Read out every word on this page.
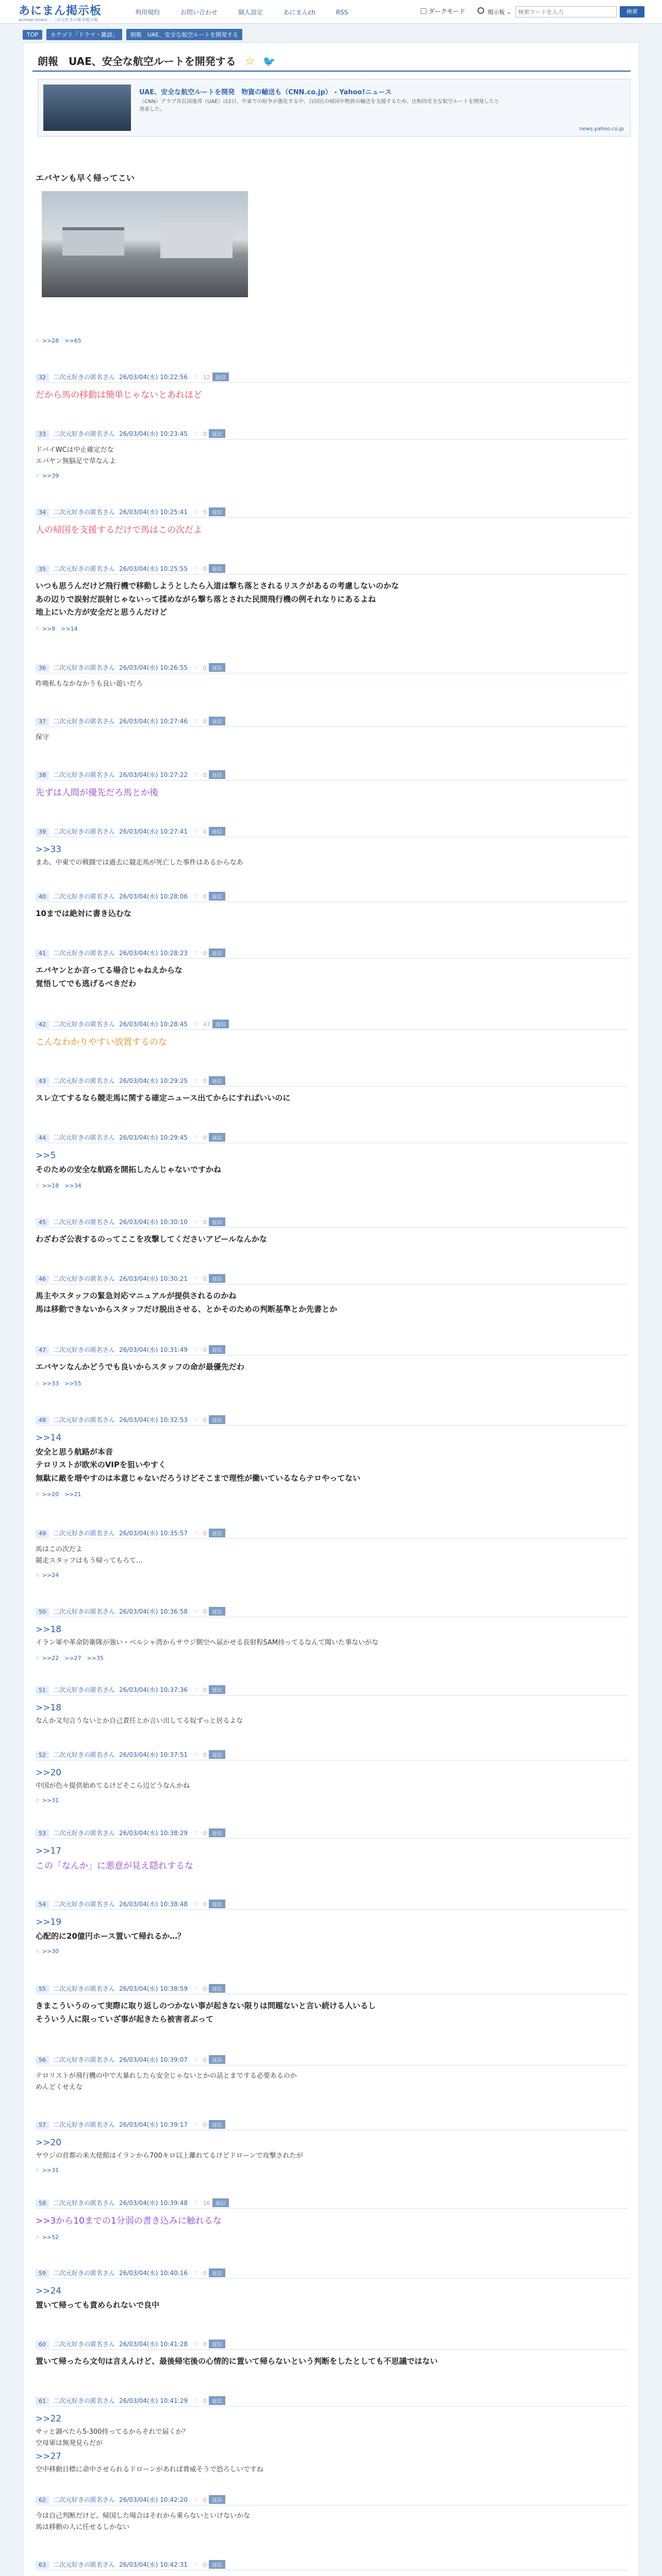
あにまん掲示板
animan board :: 二次元好きの匿名掲示板
利用規約	お問い合わせ	個人設定	あにまんch	RSS	ダークモード	掲示板 ⌄
検索ワードを入力	検索
TOP カテゴリ「ドラマ・雑談」 朗報　UAE、安全な航空ルートを開発する
朗報　UAE、安全な航空ルートを開発する ☆ 🐦
UAE、安全な航空ルートを開発　物資の輸送も（CNN.co.jp） - Yahoo!ニュース
（CNN）アラブ首長国連邦（UAE）は2日、中東での紛争が激化する中、自国民の帰国や物資の輸送を支援するため、比較的安全な航空ルートを開発したと発表した。
news.yahoo.co.jp
エバヤンも早く帰ってこい
☝ >>28　>>65
32 二次元好きの匿名さん 26/03/04(水) 10:22:56 ♡ 12 返信
だから馬の移動は簡単じゃないとあれほど
33 二次元好きの匿名さん 26/03/04(水) 10:23:45 ♡ 0 返信
ドバイWCは中止確定だな
エバヤン無脳足で草なんよ
☝ >>39
34 二次元好きの匿名さん 26/03/04(水) 10:25:41 ♡ 5 返信
人の帰国を支援するだけで馬はこの次だよ
35 二次元好きの匿名さん 26/03/04(水) 10:25:55 ♡ 0 返信
いつも思うんだけど飛行機で移動しようとしたら入道は撃ち落とされるリスクがあるの考慮しないのかな
あの辺りで誤射だ誤射じゃないって揉めながら撃ち落とされた民間飛行機の例それなりにあるよね
地上にいた方が安全だと思うんだけど
☝ >>9　>>14
36 二次元好きの匿名さん 26/03/04(水) 10:26:55 ♡ 0 返信
昨晩私もなかなかうも良い遊いだろ
37 二次元好きの匿名さん 26/03/04(水) 10:27:46 ♡ 0 返信
保守
38 二次元好きの匿名さん 26/03/04(水) 10:27:22 ♡ 0 返信
先ずは人間が優先だろ馬とか後
39 二次元好きの匿名さん 26/03/04(水) 10:27:41 ♡ 0 返信
>>33
まあ、中東での戦闘では過去に競走馬が死亡した事件はあるからなあ
40 二次元好きの匿名さん 26/03/04(水) 10:28:06 ♡ 0 返信
10までは絶対に書き込むな
41 二次元好きの匿名さん 26/03/04(水) 10:28:23 ♡ 0 返信
エバヤンとか言ってる場合じゃねえからな
覚悟してでも逃げるべきだわ
42 二次元好きの匿名さん 26/03/04(水) 10:28:45 ♡ 47 返信
こんなわかりやすい放置するのな
43 二次元好きの匿名さん 26/03/04(水) 10:29:25 ♡ 0 返信
スレ立てするなら競走馬に関する確定ニュース出てからにすればいいのに
44 二次元好きの匿名さん 26/03/04(水) 10:29:45 ♡ 0 返信
>>5
そのための安全な航路を開拓したんじゃないですかね
☝ >>18　>>34
45 二次元好きの匿名さん 26/03/04(水) 10:30:10 ♡ 0 返信
わざわざ公表するのってここを攻撃してくださいアピールなんかな
46 二次元好きの匿名さん 26/03/04(水) 10:30:21 ♡ 0 返信
馬主やスタッフの緊急対応マニュアルが提供されるのかね
馬は移動できないからスタッフだけ脱出させる、とかそのための判断基準とか先書とか
47 二次元好きの匿名さん 26/03/04(水) 10:31:49 ♡ 0 返信
エバヤンなんかどうでも良いからスタッフの命が最優先だわ
☝ >>33　>>55
48 二次元好きの匿名さん 26/03/04(水) 10:32:53 ♡ 0 返信
>>14
安全と思う航路が本音
テロリストが欧米のVIPを狙いやすく
無駄に敵を増やすのは本意じゃないだろうけどそこまで理性が働いているならテロやってない
☝ >>20　>>21
49 二次元好きの匿名さん 26/03/04(水) 10:35:57 ♡ 0 返信
馬はこの次だよ
競走スタッフはもう帰ってもろて…
☝ >>24
50 二次元好きの匿名さん 26/03/04(水) 10:36:58 ♡ 0 返信
>>18
イラン軍や革命防衛隊が強い・ベルシャ湾からサウジ側空へ届かせる長射程SAM持ってるなんて聞いた事ないがな
☝ >>22　>>27　>>35
51 二次元好きの匿名さん 26/03/04(水) 10:37:36 ♡ 0 返信
>>18
なんか文句言うないとか自己責任とか言い出してる奴ずっと居るよな
52 二次元好きの匿名さん 26/03/04(水) 10:37:51 ♡ 0 返信
>>20
中国が色々提供始めてるけどそこら辺どうなんかね
☝ >>31
53 二次元好きの匿名さん 26/03/04(水) 10:38:29 ♡ 0 返信
>>17
この「なんか」に悪意が見え隠れするな
54 二次元好きの匿名さん 26/03/04(水) 10:38:48 ♡ 0 返信
>>19
心配的に20億円ホース置いて帰れるか…？
☝ >>30
55 二次元好きの匿名さん 26/03/04(水) 10:38:59 ♡ 0 返信
きまこういうのって実際に取り返しのつかない事が起きない限りは問題ないと言い続ける人いるし
そういう人に限っていざ事が起きたら被害者ぶって
56 二次元好きの匿名さん 26/03/04(水) 10:39:07 ♡ 0 返信
テロリストが飛行機の中で大暴れしたら安全じゃないとかの話とまでする必要あるのか
めんどくせえな
57 二次元好きの匿名さん 26/03/04(水) 10:39:17 ♡ 0 返信
>>20
ヤウジの首都の米大使館はイランから700キロ以上離れてるけどドローンで攻撃されたが
☝ >>31
58 二次元好きの匿名さん 26/03/04(水) 10:39:48 ♡ 16 返信
>>3から10までの1分弱の書き込みに触れるな
☝ >>52
59 二次元好きの匿名さん 26/03/04(水) 10:40:16 ♡ 0 返信
>>24
置いて帰っても責められないで良中
60 二次元好きの匿名さん 26/03/04(水) 10:41:28 ♡ 0 返信
置いて帰ったら文句は言えんけど、最後帰宅後の心情的に置いて帰らないという判断をしたとしても不思議ではない
61 二次元好きの匿名さん 26/03/04(水) 10:41:29 ♡ 0 返信
>>22
サッと調べたら5-300持ってるからそれで届くか？
空母軍は無発見らだが
>>27
空中移動目標に命中させられるドローンがあれば脅威そうで恐ろしいですね
62 二次元好きの匿名さん 26/03/04(水) 10:42:20 ♡ 0 返信
今は自己判断だけど、帰国した場合はそれから乗らないといけないかな
馬は移動の人に任せるしかない
63 二次元好きの匿名さん 26/03/04(水) 10:42:31 ♡ 0 返信
